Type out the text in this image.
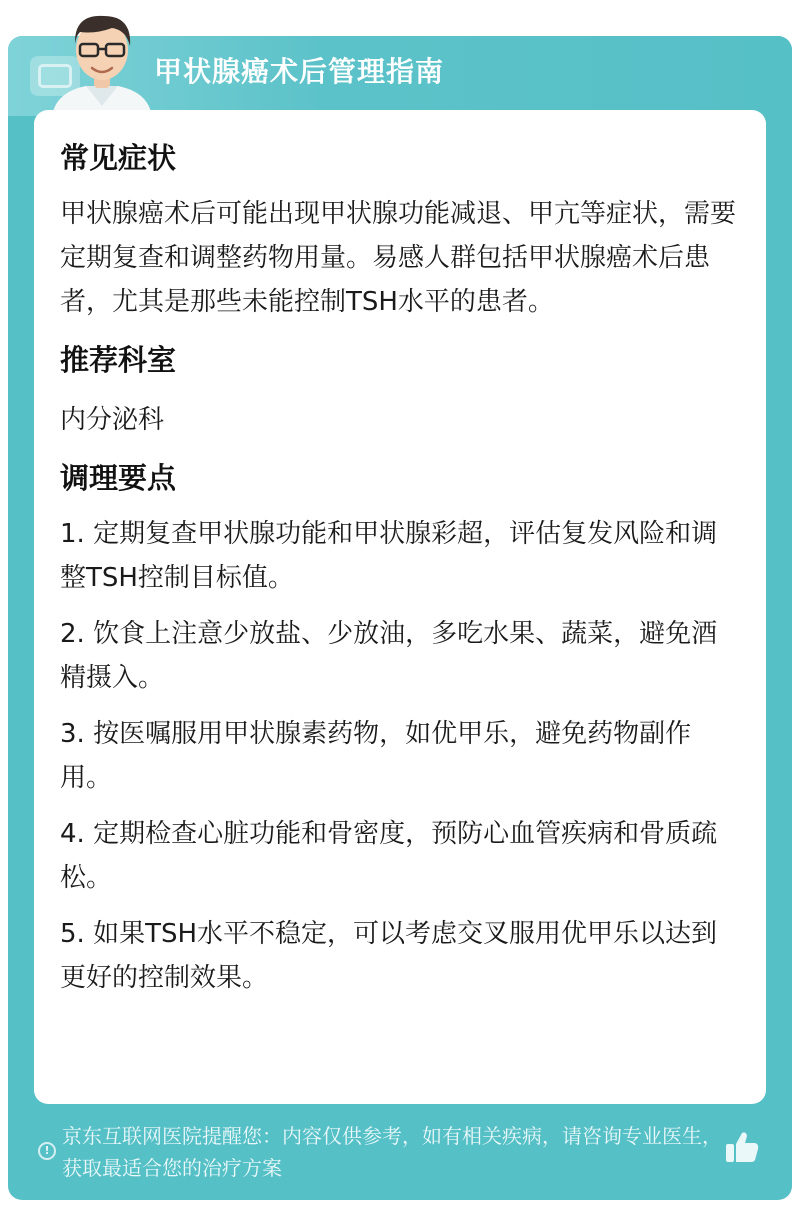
甲状腺癌术后管理指南
常见症状
甲状腺癌术后可能出现甲状腺功能减退、甲亢等症状，需要定期复查和调整药物用量。易感人群包括甲状腺癌术后患者，尤其是那些未能控制TSH水平的患者。
推荐科室
内分泌科
调理要点
1. 定期复查甲状腺功能和甲状腺彩超，评估复发风险和调整TSH控制目标值。
2. 饮食上注意少放盐、少放油，多吃水果、蔬菜，避免酒精摄入。
3. 按医嘱服用甲状腺素药物，如优甲乐，避免药物副作用。
4. 定期检查心脏功能和骨密度，预防心血管疾病和骨质疏松。
5. 如果TSH水平不稳定，可以考虑交叉服用优甲乐以达到更好的控制效果。
!
京东互联网医院提醒您：内容仅供参考，如有相关疾病，请咨询专业医生，获取最适合您的治疗方案
